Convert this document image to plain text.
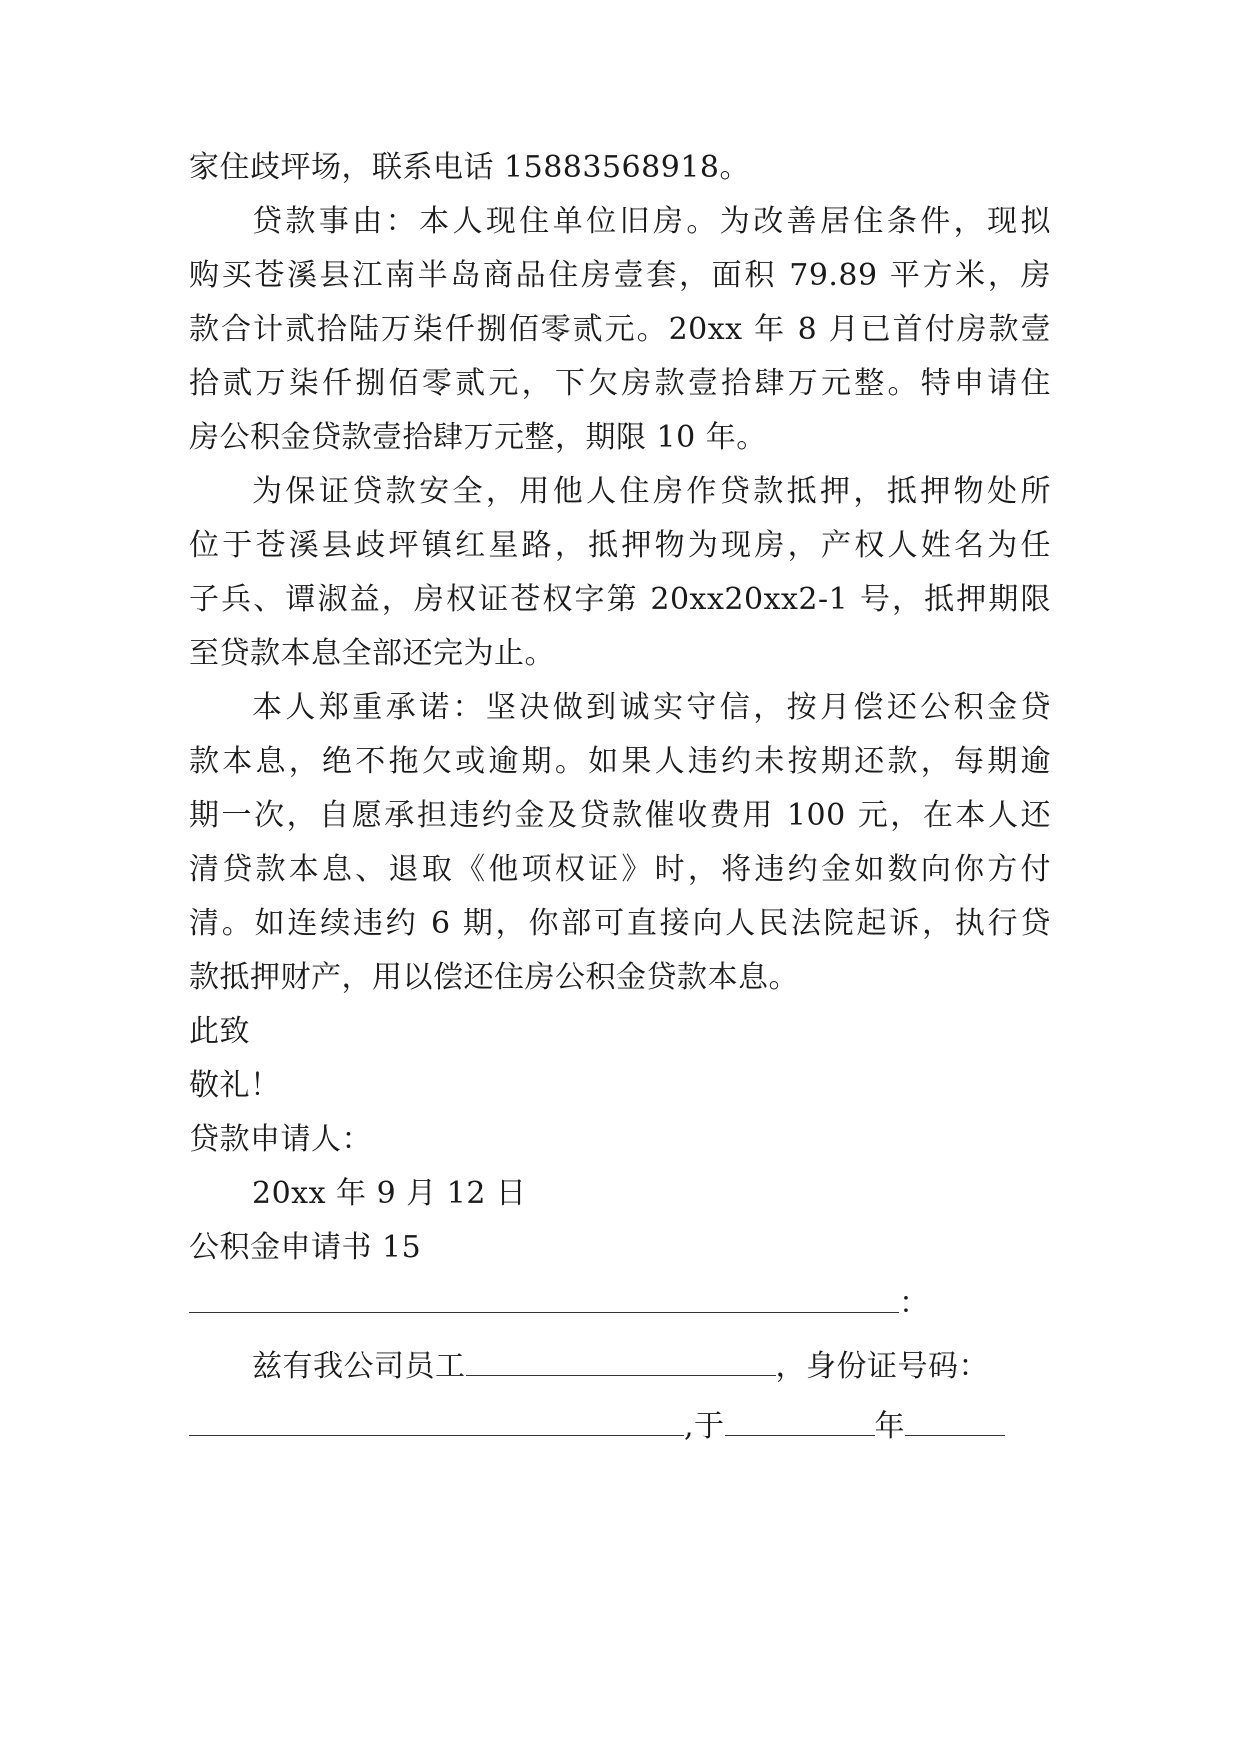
家住歧坪场，联系电话 15883568918。
贷款事由：本人现住单位旧房。为改善居住条件，现拟
购买苍溪县江南半岛商品住房壹套，面积 79.89 平方米，房
款合计贰拾陆万柒仟捌佰零贰元。20xx 年 8 月已首付房款壹
拾贰万柒仟捌佰零贰元，下欠房款壹拾肆万元整。特申请住
房公积金贷款壹拾肆万元整，期限 10 年。
为保证贷款安全，用他人住房作贷款抵押，抵押物处所
位于苍溪县歧坪镇红星路，抵押物为现房，产权人姓名为任
子兵、谭淑益，房权证苍权字第 20xx20xx2-1 号，抵押期限
至贷款本息全部还完为止。
本人郑重承诺：坚决做到诚实守信，按月偿还公积金贷
款本息，绝不拖欠或逾期。如果人违约未按期还款，每期逾
期一次，自愿承担违约金及贷款催收费用 100 元，在本人还
清贷款本息、退取《他项权证》时，将违约金如数向你方付
清。如连续违约 6 期，你部可直接向人民法院起诉，执行贷
款抵押财产，用以偿还住房公积金贷款本息。
此致
敬礼！
贷款申请人：
20xx 年 9 月 12 日
公积金申请书 15
：
兹有我公司员工	，身份证号码：
,于	年
